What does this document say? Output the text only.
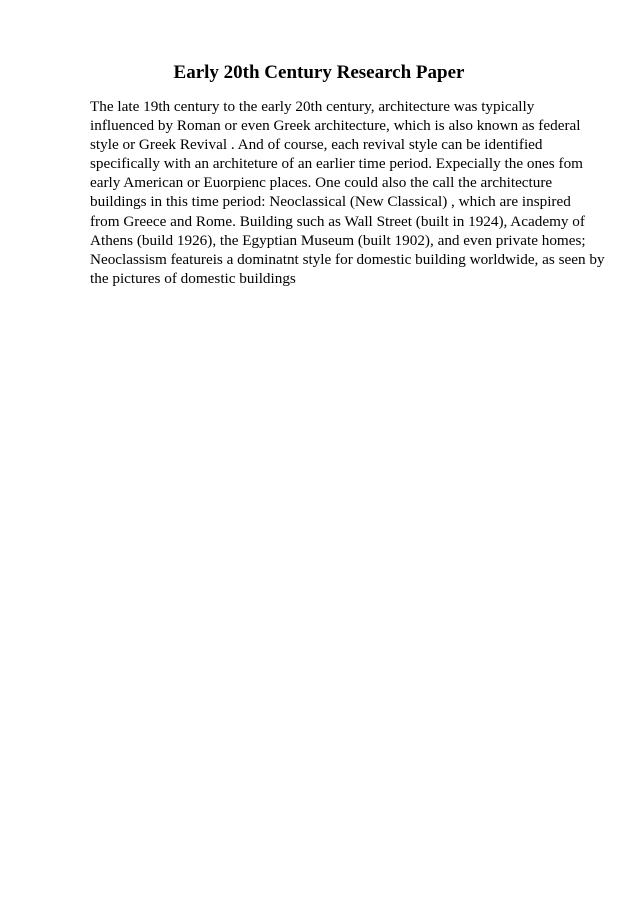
Early 20th Century Research Paper
The late 19th century to the early 20th century, architecture was typically
influenced by Roman or even Greek architecture, which is also known as federal
style or Greek Revival . And of course, each revival style can be identified
specifically with an architeture of an earlier time period. Expecially the ones fom
early American or Euorpienc places. One could also the call the architecture
buildings in this time period: Neoclassical (New Classical) , which are inspired
from Greece and Rome. Building such as Wall Street (built in 1924), Academy of
Athens (build 1926), the Egyptian Museum (built 1902), and even private homes;
Neoclassism featureis a dominatnt style for domestic building worldwide, as seen by
the pictures of domestic buildings
